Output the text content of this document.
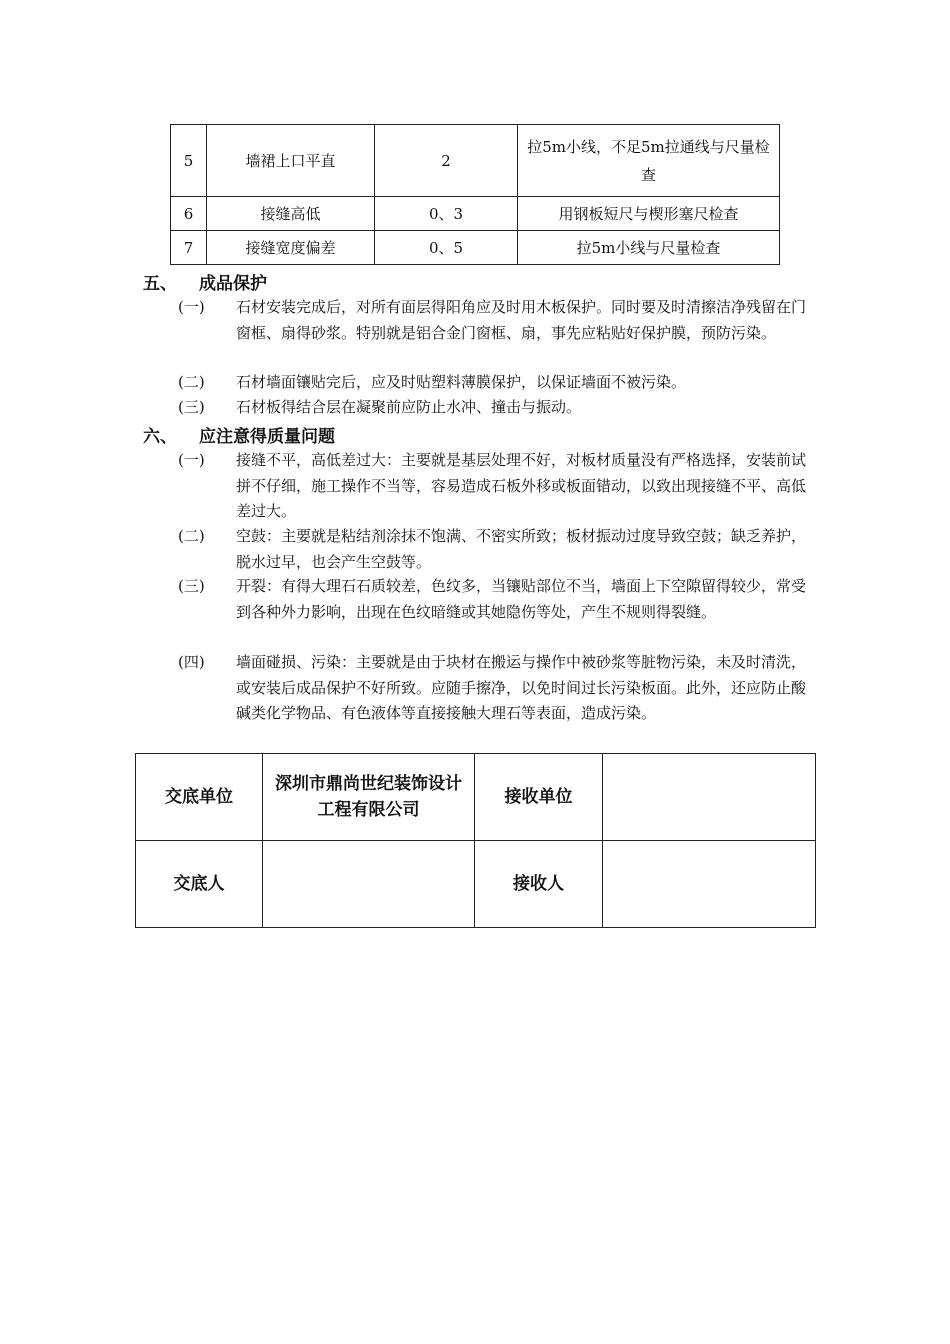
5	墙裙上口平直	2	拉5m小线，不足5m拉通线与尺量检查
6	接缝高低	0、3	用钢板短尺与楔形塞尺检查
7	接缝宽度偏差	0、5	拉5m小线与尺量检查
五、 成品保护
(一)	石材安装完成后，对所有面层得阳角应及时用木板保护。同时要及时清擦洁净残留在门窗框、扇得砂浆。特别就是铝合金门窗框、扇，事先应粘贴好保护膜，预防污染。
(二)	石材墙面镶贴完后，应及时贴塑料薄膜保护，以保证墙面不被污染。
(三)	石材板得结合层在凝聚前应防止水冲、撞击与振动。
六、 应注意得质量问题
(一)	接缝不平，高低差过大：主要就是基层处理不好，对板材质量没有严格选择，安装前试拼不仔细，施工操作不当等，容易造成石板外移或板面错动，以致出现接缝不平、高低差过大。
(二)	空鼓：主要就是粘结剂涂抹不饱满、不密实所致；板材振动过度导致空鼓；缺乏养护，脱水过早，也会产生空鼓等。
(三)	开裂：有得大理石石质较差，色纹多，当镶贴部位不当，墙面上下空隙留得较少，常受到各种外力影响，出现在色纹暗缝或其她隐伤等处，产生不规则得裂缝。
(四)	墙面碰损、污染：主要就是由于块材在搬运与操作中被砂浆等脏物污染，未及时清洗，或安装后成品保护不好所致。应随手擦净，以免时间过长污染板面。此外，还应防止酸碱类化学物品、有色液体等直接接触大理石等表面，造成污染。
交底单位	深圳市鼎尚世纪装饰设计工程有限公司	接收单位	
交底人		接收人	
